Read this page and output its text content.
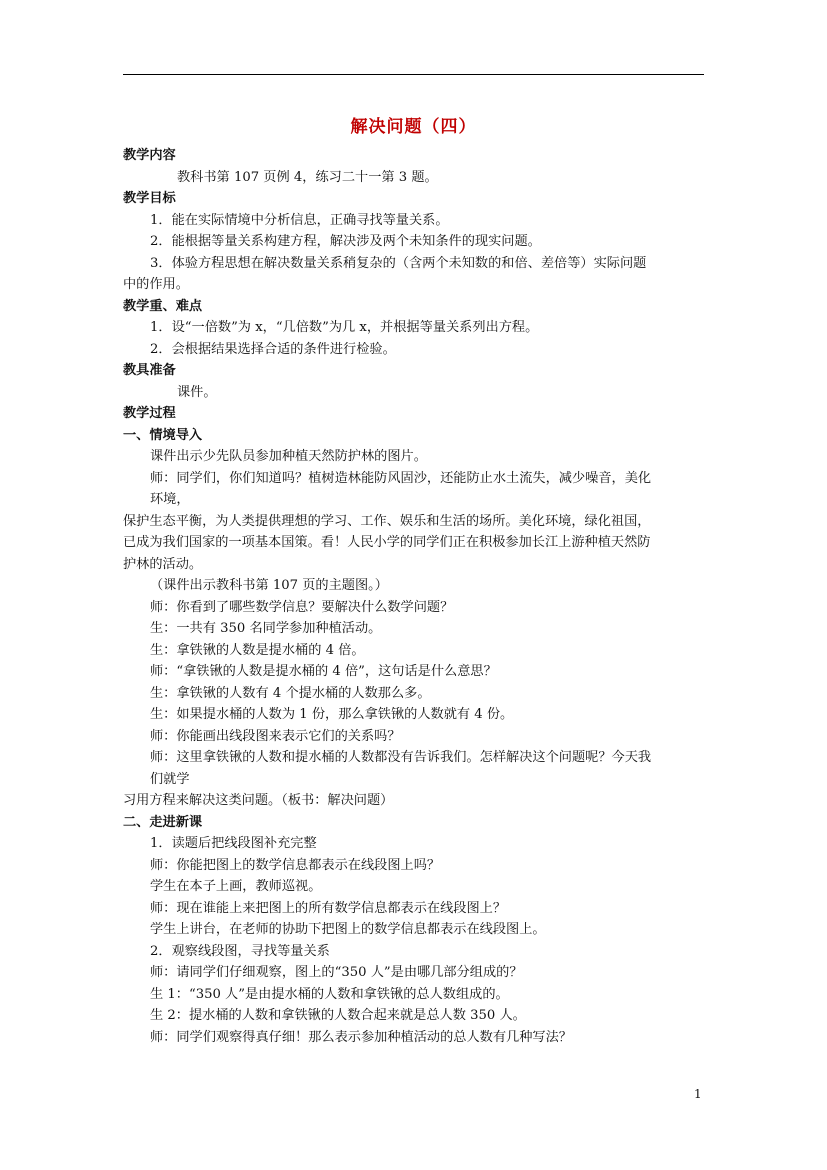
解决问题（四）
教学内容
教科书第 107 页例 4，练习二十一第 3 题。
教学目标
1．能在实际情境中分析信息，正确寻找等量关系。
2．能根据等量关系构建方程，解决涉及两个未知条件的现实问题。
3．体验方程思想在解决数量关系稍复杂的（含两个未知数的和倍、差倍等）实际问题
中的作用。
教学重、难点
1．设“一倍数”为 x，“几倍数”为几 x，并根据等量关系列出方程。
2．会根据结果选择合适的条件进行检验。
教具准备
课件。
教学过程
一、情境导入
课件出示少先队员参加种植天然防护林的图片。
师：同学们，你们知道吗？植树造林能防风固沙，还能防止水土流失，减少噪音，美化
环境，
保护生态平衡，为人类提供理想的学习、工作、娱乐和生活的场所。美化环境，绿化祖国，
已成为我们国家的一项基本国策。看！人民小学的同学们正在积极参加长江上游种植天然防
护林的活动。
（课件出示教科书第 107 页的主题图。）
师：你看到了哪些数学信息？要解决什么数学问题？
生：一共有 350 名同学参加种植活动。
生：拿铁锹的人数是提水桶的 4 倍。
师：“拿铁锹的人数是提水桶的 4 倍”，这句话是什么意思？
生：拿铁锹的人数有 4 个提水桶的人数那么多。
生：如果提水桶的人数为 1 份，那么拿铁锹的人数就有 4 份。
师：你能画出线段图来表示它们的关系吗？
师：这里拿铁锹的人数和提水桶的人数都没有告诉我们。怎样解决这个问题呢？今天我
们就学
习用方程来解决这类问题。（板书：解决问题）
二、走进新课
1．读题后把线段图补充完整
师：你能把图上的数学信息都表示在线段图上吗？
学生在本子上画，教师巡视。
师：现在谁能上来把图上的所有数学信息都表示在线段图上？
学生上讲台，在老师的协助下把图上的数学信息都表示在线段图上。
2．观察线段图，寻找等量关系
师：请同学们仔细观察，图上的“350 人”是由哪几部分组成的？
生 1：“350 人”是由提水桶的人数和拿铁锹的总人数组成的。
生 2：提水桶的人数和拿铁锹的人数合起来就是总人数 350 人。
师：同学们观察得真仔细！那么表示参加种植活动的总人数有几种写法？
1
